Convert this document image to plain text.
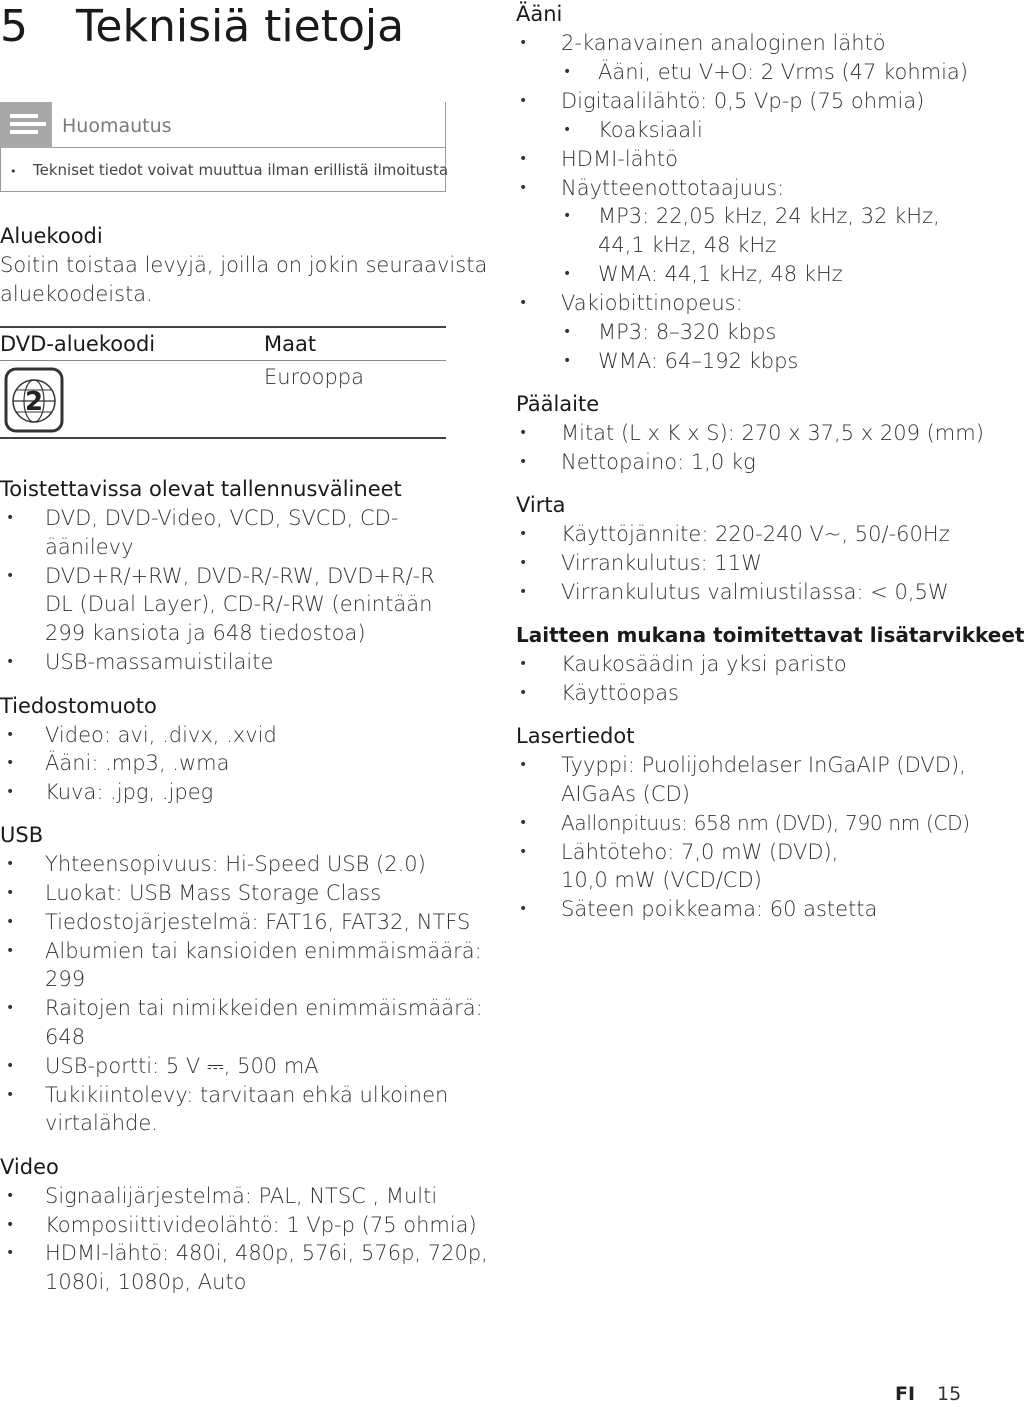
5 Teknisiä tietoja
Huomautus
• Tekniset tiedot voivat muuttua ilman erillistä ilmoitusta
Aluekoodi
Soitin toistaa levyjä, joilla on jokin seuraavista
aluekoodeista.
DVD-aluekoodi	Maat
2
Eurooppa
Toistettavissa olevat tallennusvälineet
• DVD, DVD-Video, VCD, SVCD, CD-
äänilevy
• DVD+R/+RW, DVD-R/-RW, DVD+R/-R
DL (Dual Layer), CD-R/-RW (enintään
299 kansiota ja 648 tiedostoa)
• USB-massamuistilaite
Tiedostomuoto
• Video: avi, .divx, .xvid
• Ääni: .mp3, .wma
• Kuva: .jpg, .jpeg
USB
• Yhteensopivuus: Hi-Speed USB (2.0)
• Luokat: USB Mass Storage Class
• Tiedostojärjestelmä: FAT16, FAT32, NTFS
• Albumien tai kansioiden enimmäismäärä:
299
• Raitojen tai nimikkeiden enimmäismäärä:
648
• USB-portti: 5 V ⎓, 500 mA
• Tukikiintolevy: tarvitaan ehkä ulkoinen
virtalähde.
Video
• Signaalijärjestelmä: PAL, NTSC , Multi
• Komposiittivideolähtö: 1 Vp-p (75 ohmia)
• HDMI-lähtö: 480i, 480p, 576i, 576p, 720p,
1080i, 1080p, Auto
Ääni
• 2-kanavainen analoginen lähtö
• Ääni, etu V+O: 2 Vrms (47 kohmia)
• Digitaalilähtö: 0,5 Vp-p (75 ohmia)
• Koaksiaali
• HDMI-lähtö
• Näytteenottotaajuus:
• MP3: 22,05 kHz, 24 kHz, 32 kHz,
44,1 kHz, 48 kHz
• WMA: 44,1 kHz, 48 kHz
• Vakiobittinopeus:
• MP3: 8–320 kbps
• WMA: 64–192 kbps
Päälaite
• Mitat (L x K x S): 270 x 37,5 x 209 (mm)
• Nettopaino: 1,0 kg
Virta
• Käyttöjännite: 220-240 V~, 50/-60Hz
• Virrankulutus: 11W
• Virrankulutus valmiustilassa: < 0,5W
Laitteen mukana toimitettavat lisätarvikkeet
• Kaukosäädin ja yksi paristo
• Käyttöopas
Lasertiedot
• Tyyppi: Puolijohdelaser InGaAIP (DVD),
AIGaAs (CD)
• Aallonpituus: 658 nm (DVD), 790 nm (CD)
• Lähtöteho: 7,0 mW (DVD),
10,0 mW (VCD/CD)
• Säteen poikkeama: 60 astetta
FI 15
